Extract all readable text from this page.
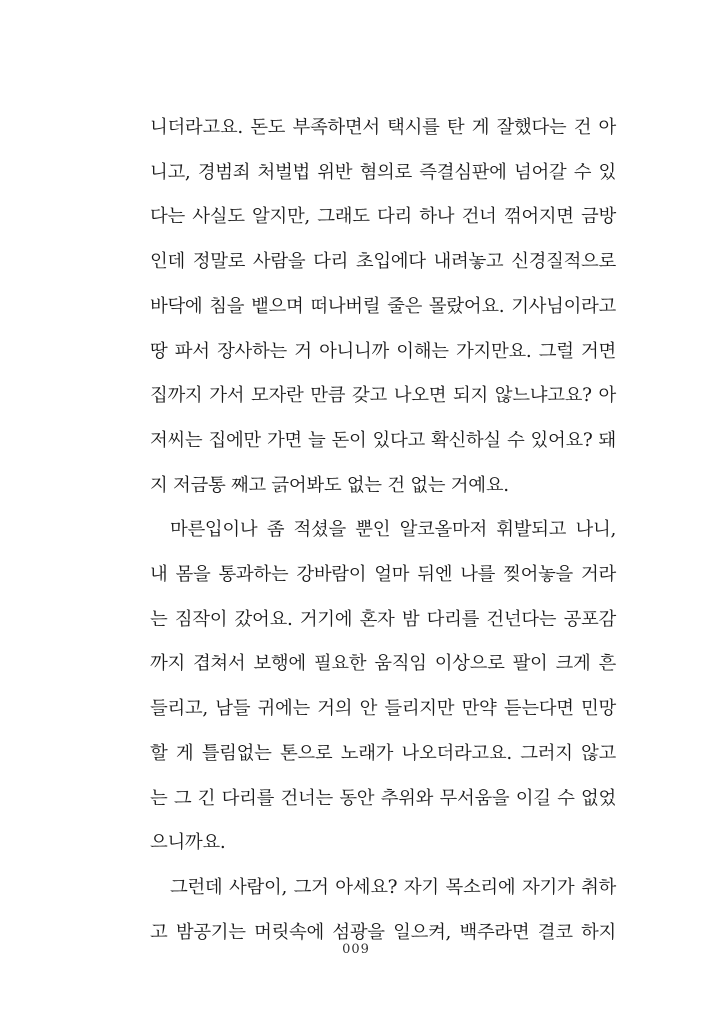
니더라고요. 돈도 부족하면서 택시를 탄 게 잘했다는 건 아
니고, 경범죄 처벌법 위반 혐의로 즉결심판에 넘어갈 수 있
다는 사실도 알지만, 그래도 다리 하나 건너 꺾어지면 금방
인데 정말로 사람을 다리 초입에다 내려놓고 신경질적으로
바닥에 침을 뱉으며 떠나버릴 줄은 몰랐어요. 기사님이라고
땅 파서 장사하는 거 아니니까 이해는 가지만요. 그럴 거면
집까지 가서 모자란 만큼 갖고 나오면 되지 않느냐고요? 아
저씨는 집에만 가면 늘 돈이 있다고 확신하실 수 있어요? 돼
지 저금통 째고 긁어봐도 없는 건 없는 거예요.
마른입이나 좀 적셨을 뿐인 알코올마저 휘발되고 나니,
내 몸을 통과하는 강바람이 얼마 뒤엔 나를 찢어놓을 거라
는 짐작이 갔어요. 거기에 혼자 밤 다리를 건넌다는 공포감
까지 겹쳐서 보행에 필요한 움직임 이상으로 팔이 크게 흔
들리고, 남들 귀에는 거의 안 들리지만 만약 듣는다면 민망
할 게 틀림없는 톤으로 노래가 나오더라고요. 그러지 않고
는 그 긴 다리를 건너는 동안 추위와 무서움을 이길 수 없었
으니까요.
그런데 사람이, 그거 아세요? 자기 목소리에 자기가 취하
고 밤공기는 머릿속에 섬광을 일으켜, 백주라면 결코 하지
009
